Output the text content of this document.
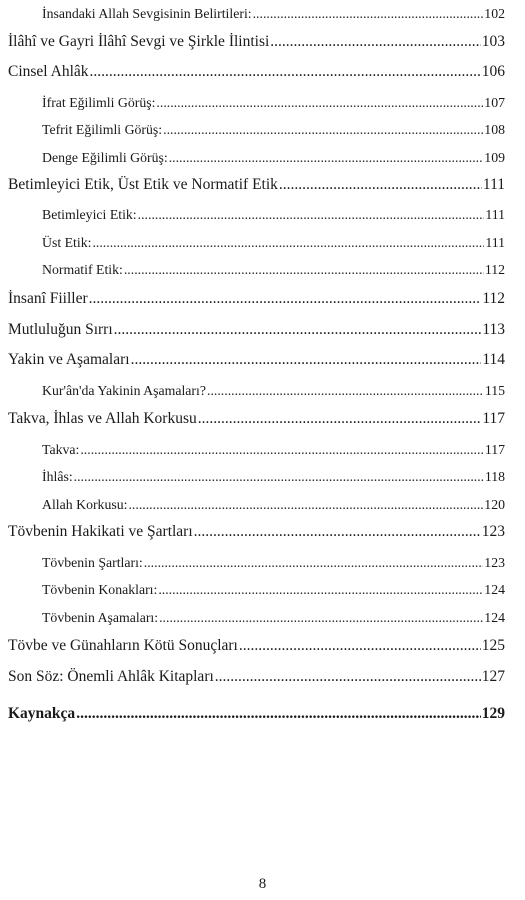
İnsandaki Allah Sevgisinin Belirtileri: .....	102
İlâhî ve Gayri İlâhî Sevgi ve Şirkle İlintisi .....	103
Cinsel Ahlâk .....	106
İfrat Eğilimli Görüş: .....	107
Tefrit Eğilimli Görüş: .....	108
Denge Eğilimli Görüş: .....	109
Betimleyici Etik, Üst Etik ve Normatif Etik .....	111
Betimleyici Etik: .....	111
Üst Etik: .....	111
Normatif Etik: .....	112
İnsanî Fiiller .....	112
Mutluluğun Sırrı .....	113
Yakin ve Aşamaları .....	114
Kur'ân'da Yakinin Aşamaları? .....	115
Takva, İhlas ve Allah Korkusu .....	117
Takva: .....	117
İhlâs: .....	118
Allah Korkusu: .....	120
Tövbenin Hakikati ve Şartları .....	123
Tövbenin Şartları: .....	123
Tövbenin Konakları: .....	124
Tövbenin Aşamaları: .....	124
Tövbe ve Günahların Kötü Sonuçları .....	125
Son Söz: Önemli Ahlâk Kitapları .....	127
Kaynakça .....	129
8
